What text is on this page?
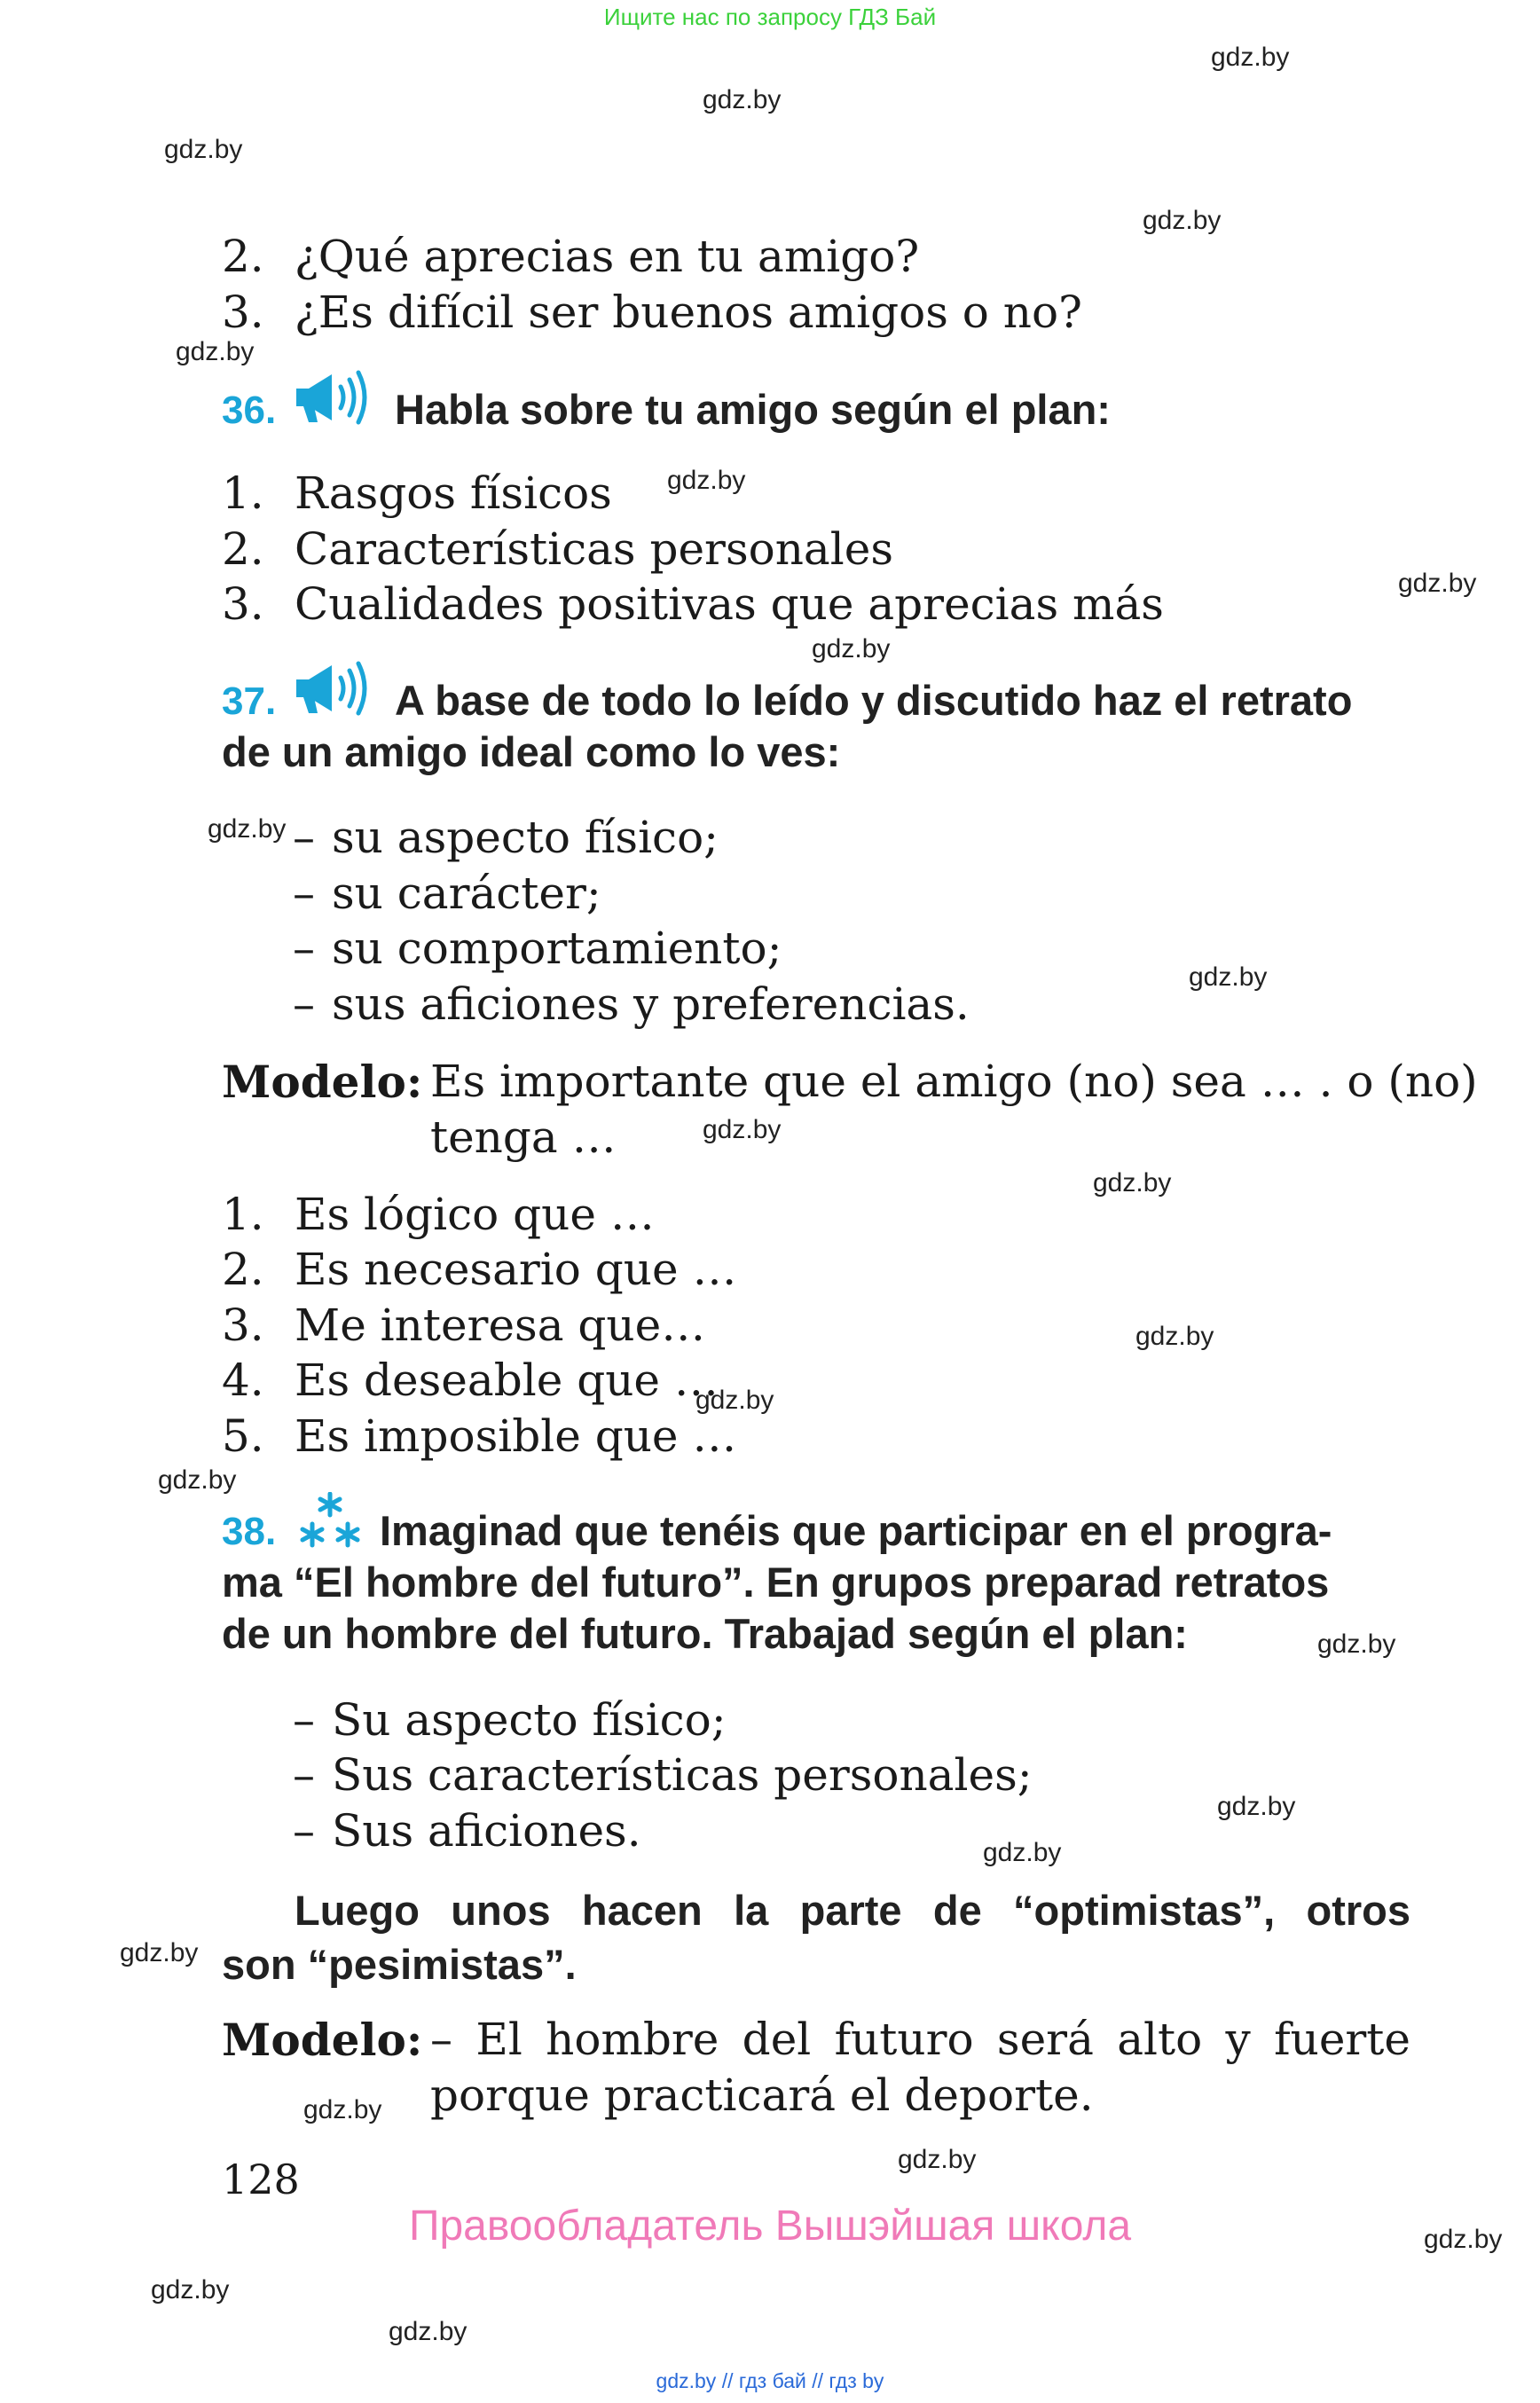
Ищите нас по запросу ГДЗ Бай
gdz.by
gdz.by
gdz.by
gdz.by
gdz.by
gdz.by
gdz.by
gdz.by
gdz.by
gdz.by
gdz.by
gdz.by
gdz.by
gdz.by
gdz.by
gdz.by
gdz.by
gdz.by
gdz.by
gdz.by
gdz.by
gdz.by
gdz.by
gdz.by
2. ¿Qué aprecias en tu amigo?
3. ¿Es difícil ser buenos amigos o no?
36.	Habla sobre tu amigo según el plan:
1. Rasgos físicos
2. Características personales
3. Cualidades positivas que aprecias más
37.	A base de todo lo leído y discutido haz el retrato
de un amigo ideal como lo ves:
– su aspecto físico;
– su carácter;
– su comportamiento;
– sus aficiones y preferencias.
Modelo: Es importante que el amigo (no) sea … . o (no)
tenga …
1. Es lógico que …
2. Es necesario que …
3. Me interesa que…
4. Es deseable que …
5. Es imposible que …
38. Imaginad que tenéis que participar en el progra-
ma “El hombre del futuro”. En grupos preparad retratos
de un hombre del futuro. Trabajad según el plan:
– Su aspecto físico;
– Sus características personales;
– Sus aficiones.
Luego unos hacen la parte de “optimistas”, otros
son “pesimistas”.
Modelo: – El hombre del futuro será alto y fuerte
porque practicará el deporte.
128
Правообладатель Вышэйшая школа
gdz.by // гдз бай // гдз by
